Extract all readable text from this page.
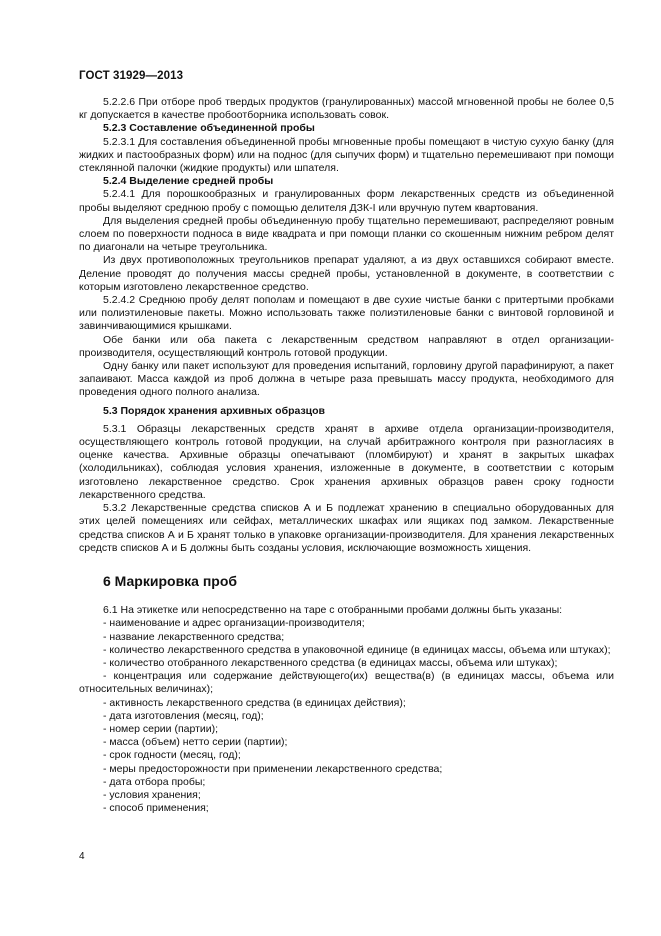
ГОСТ 31929—2013

5.2.2.6 При отборе проб твердых продуктов (гранулированных) массой мгновенной пробы не более 0,5 кг допускается в качестве пробоотборника использовать совок.

5.2.3 Составление объединенной пробы

5.2.3.1 Для составления объединенной пробы мгновенные пробы помещают в чистую сухую банку (для жидких и пастообразных форм) или на поднос (для сыпучих форм) и тщательно перемешивают при помощи стеклянной палочки (жидкие продукты) или шпателя.

5.2.4 Выделение средней пробы

5.2.4.1 Для порошкообразных и гранулированных форм лекарственных средств из объединенной пробы выделяют среднюю пробу с помощью делителя ДЗК-І или вручную путем квартования.

Для выделения средней пробы объединенную пробу тщательно перемешивают, распределяют ровным слоем по поверхности подноса в виде квадрата и при помощи планки со скошенным нижним ребром делят по диагонали на четыре треугольника.

Из двух противоположных треугольников препарат удаляют, а из двух оставшихся собирают вместе. Деление проводят до получения массы средней пробы, установленной в документе, в соответствии с которым изготовлено лекарственное средство.

5.2.4.2 Среднюю пробу делят пополам и помещают в две сухие чистые банки с притертыми пробками или полиэтиленовые пакеты. Можно использовать также полиэтиленовые банки с винтовой горловиной и завинчивающимися крышками.

Обе банки или оба пакета с лекарственным средством направляют в отдел организации-производителя, осуществляющий контроль готовой продукции.

Одну банку или пакет используют для проведения испытаний, горловину другой парафинируют, а пакет запаивают. Масса каждой из проб должна в четыре раза превышать массу продукта, необходимого для проведения одного полного анализа.

5.3 Порядок хранения архивных образцов

5.3.1 Образцы лекарственных средств хранят в архиве отдела организации-производителя, осуществляющего контроль готовой продукции, на случай арбитражного контроля при разногласиях в оценке качества. Архивные образцы опечатывают (пломбируют) и хранят в закрытых шкафах (холодильниках), соблюдая условия хранения, изложенные в документе, в соответствии с которым изготовлено лекарственное средство. Срок хранения архивных образцов равен сроку годности лекарственного средства.

5.3.2 Лекарственные средства списков А и Б подлежат хранению в специально оборудованных для этих целей помещениях или сейфах, металлических шкафах или ящиках под замком. Лекарственные средства списков А и Б хранят только в упаковке организации-производителя. Для хранения лекарственных средств списков А и Б должны быть созданы условия, исключающие возможность хищения.

6 Маркировка проб

6.1 На этикетке или непосредственно на таре с отобранными пробами должны быть указаны:

- наименование и адрес организации-производителя;
- название лекарственного средства;
- количество лекарственного средства в упаковочной единице (в единицах массы, объема или штуках);
- количество отобранного лекарственного средства (в единицах массы, объема или штуках);
- концентрация или содержание действующего(их) вещества(в) (в единицах массы, объема или относительных величинах);
- активность лекарственного средства (в единицах действия);
- дата изготовления (месяц, год);
- номер серии (партии);
- масса (объем) нетто серии (партии);
- срок годности (месяц, год);
- меры предосторожности при применении лекарственного средства;
- дата отбора пробы;
- условия хранения;
- способ применения;
4
